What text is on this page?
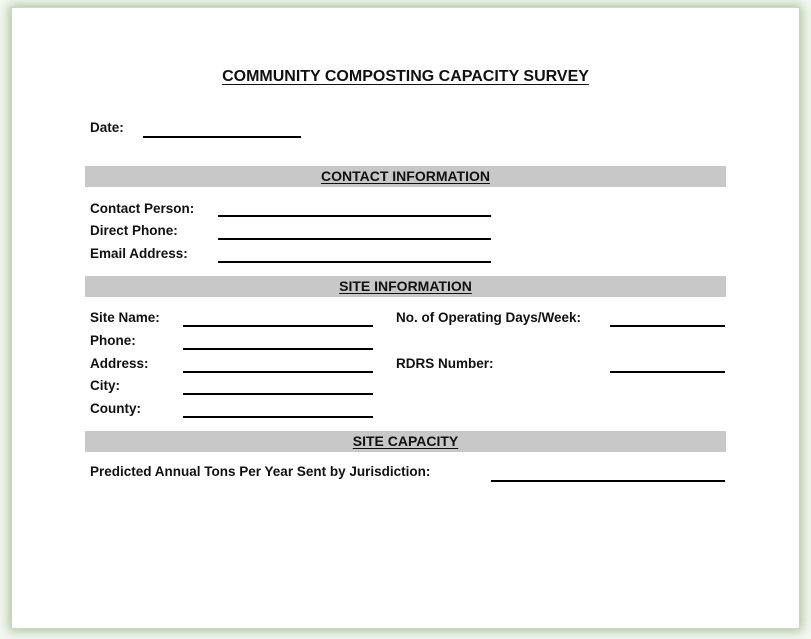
COMMUNITY COMPOSTING CAPACITY SURVEY
Date:
CONTACT INFORMATION
Contact Person:
Direct Phone:
Email Address:
SITE INFORMATION
Site Name:
Phone:
Address:
City:
County:
No. of Operating Days/Week:
RDRS Number:
SITE CAPACITY
Predicted Annual Tons Per Year Sent by Jurisdiction:
